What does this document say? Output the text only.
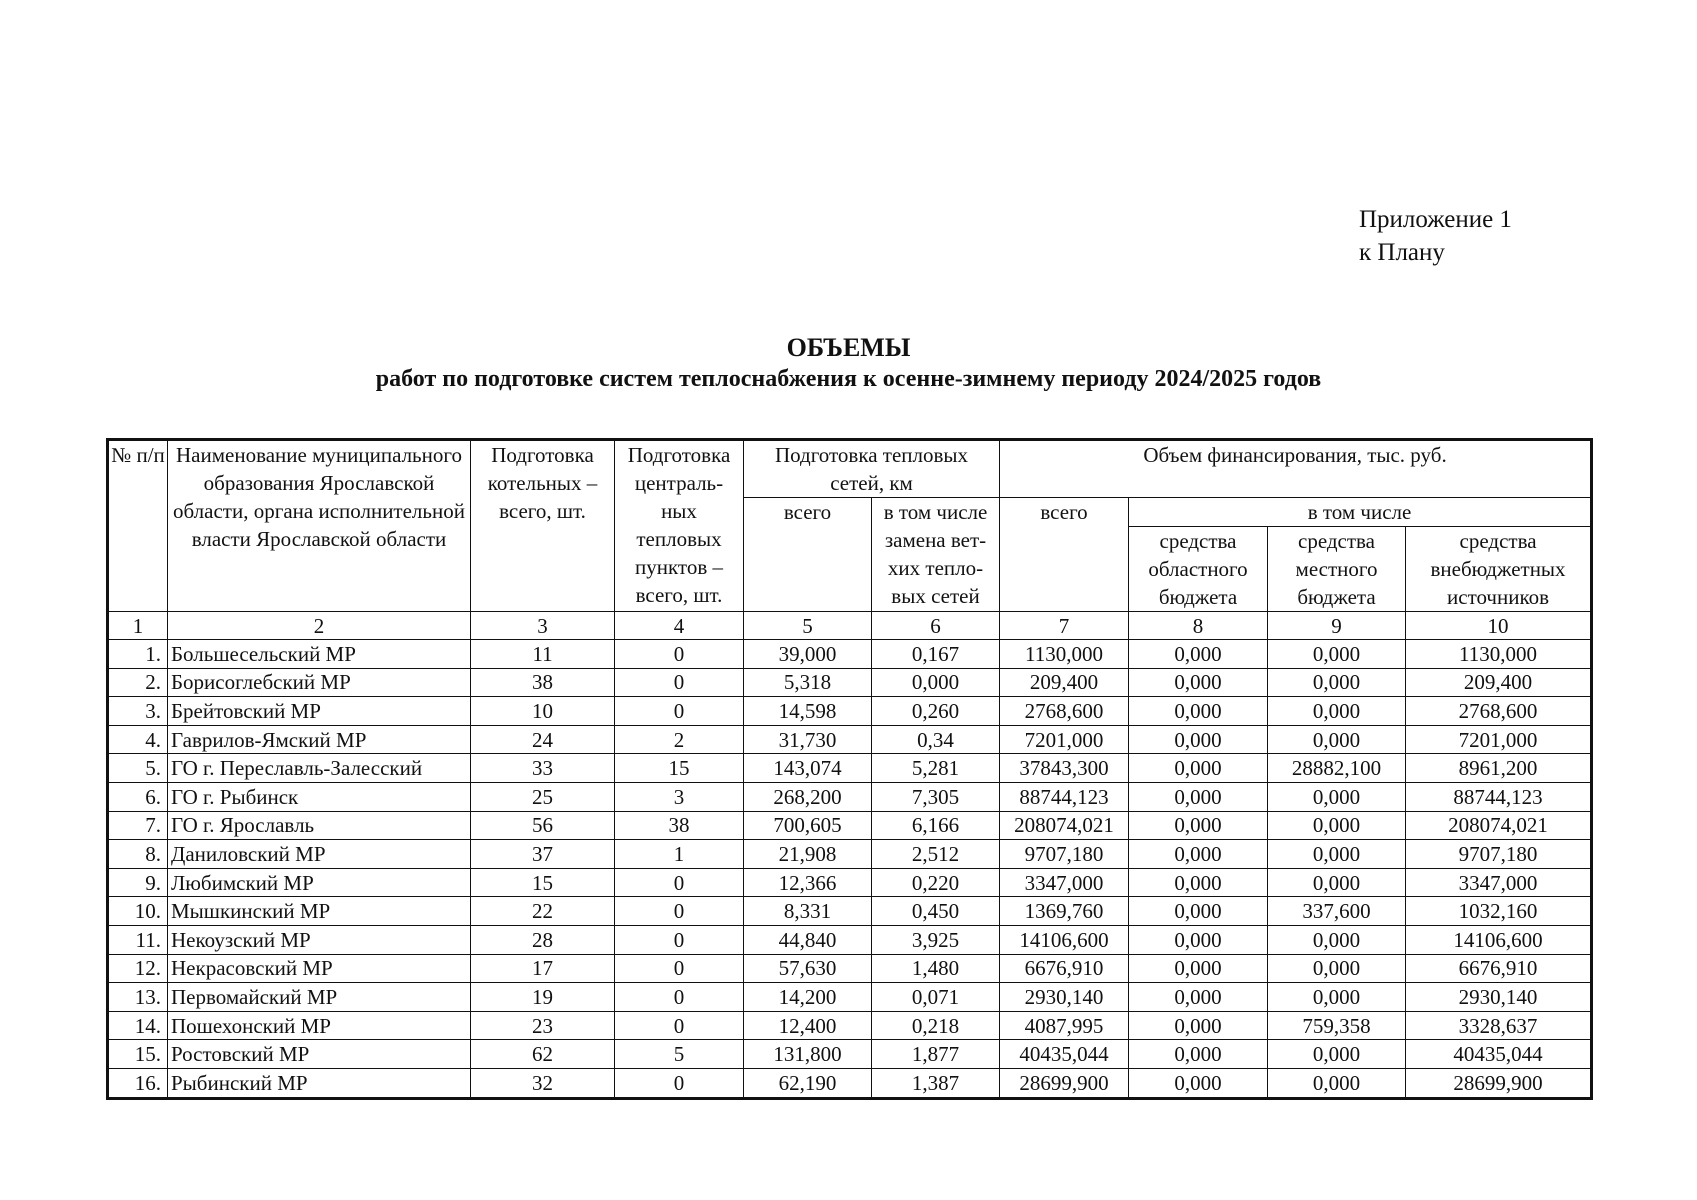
Приложение 1
к Плану
ОБЪЕМЫ
работ по подготовке систем теплоснабжения к осенне-зимнему периоду 2024/2025 годов
№ п/п	Наименование муниципального образования Ярославской области, органа исполнительной власти Ярославской области	Подготовка котельных – всего, шт.	Подготовка централь-ных тепловых пунктов – всего, шт.	Подготовка тепловых сетей, км		Объем финансирования, тыс. руб.			
				всего	в том числе замена вет-хих тепло-вых сетей	всего	в том числе		
							средства областного бюджета	средства местного бюджета	средства внебюджетных источников
1	2	3	4	5	6	7	8	9	10
1.	Большесельский МР	11	0	39,000	0,167	1130,000	0,000	0,000	1130,000
2.	Борисоглебский МР	38	0	5,318	0,000	209,400	0,000	0,000	209,400
3.	Брейтовский МР	10	0	14,598	0,260	2768,600	0,000	0,000	2768,600
4.	Гаврилов-Ямский МР	24	2	31,730	0,34	7201,000	0,000	0,000	7201,000
5.	ГО г. Переславль-Залесский	33	15	143,074	5,281	37843,300	0,000	28882,100	8961,200
6.	ГО г. Рыбинск	25	3	268,200	7,305	88744,123	0,000	0,000	88744,123
7.	ГО г. Ярославль	56	38	700,605	6,166	208074,021	0,000	0,000	208074,021
8.	Даниловский МР	37	1	21,908	2,512	9707,180	0,000	0,000	9707,180
9.	Любимский МР	15	0	12,366	0,220	3347,000	0,000	0,000	3347,000
10.	Мышкинский МР	22	0	8,331	0,450	1369,760	0,000	337,600	1032,160
11.	Некоузский МР	28	0	44,840	3,925	14106,600	0,000	0,000	14106,600
12.	Некрасовский МР	17	0	57,630	1,480	6676,910	0,000	0,000	6676,910
13.	Первомайский МР	19	0	14,200	0,071	2930,140	0,000	0,000	2930,140
14.	Пошехонский МР	23	0	12,400	0,218	4087,995	0,000	759,358	3328,637
15.	Ростовский МР	62	5	131,800	1,877	40435,044	0,000	0,000	40435,044
16.	Рыбинский МР	32	0	62,190	1,387	28699,900	0,000	0,000	28699,900
